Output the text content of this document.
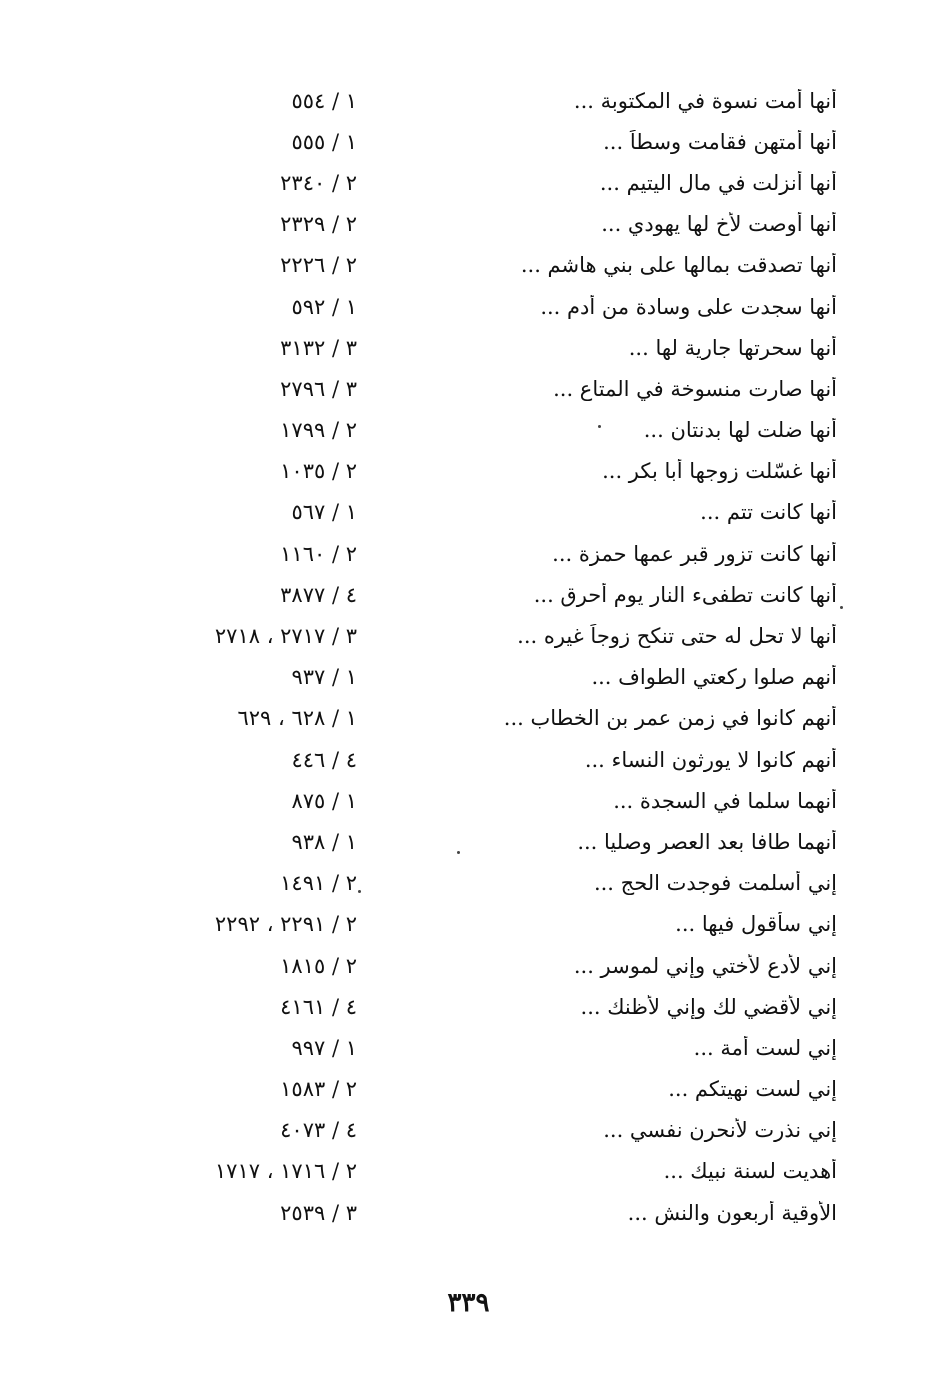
أنها أمت نسوة في المكتوبة ...
١ / ٥٥٤
أنها أمتهن فقامت وسطاً ...
١ / ٥٥٥
أنها أنزلت في مال اليتيم ...
٢ / ٢٣٤٠
أنها أوصت لأخ لها يهودي ...
٢ / ٢٣٢٩
أنها تصدقت بمالها على بني هاشم ...
٢ / ٢٢٢٦
أنها سجدت على وسادة من أدم ...
١ / ٥٩٢
أنها سحرتها جارية لها ...
٣ / ٣١٣٢
أنها صارت منسوخة في المتاع ...
٣ / ٢٧٩٦
أنها ضلت لها بدنتان ...
٢ / ١٧٩٩
أنها غسّلت زوجها أبا بكر ...
٢ / ١٠٣٥
أنها كانت تتم ...
١ / ٥٦٧
أنها كانت تزور قبر عمها حمزة ...
٢ / ١١٦٠
أنها كانت تطفىء النار يوم أحرق ...
٤ / ٣٨٧٧
أنها لا تحل له حتى تنكح زوجاً غيره ...
٣ / ٢٧١٧ ، ٢٧١٨
أنهم صلوا ركعتي الطواف ...
١ / ٩٣٧
أنهم كانوا في زمن عمر بن الخطاب ...
١ / ٦٢٨ ، ٦٢٩
أنهم كانوا لا يورثون النساء ...
٤ / ٤٤٦
أنهما سلما في السجدة ...
١ / ٨٧٥
أنهما طافا بعد العصر وصليا ...
١ / ٩٣٨
إني أسلمت فوجدت الحج ...
٢ / ١٤٩١
إني سأقول فيها ...
٢ / ٢٢٩١ ، ٢٢٩٢
إني لأدع لأختي وإني لموسر ...
٢ / ١٨١٥
إني لأقضي لك وإني لأظنك ...
٤ / ٤١٦١
إني لست أمة ...
١ / ٩٩٧
إني لست نهيتكم ...
٢ / ١٥٨٣
إني نذرت لأنحرن نفسي ...
٤ / ٤٠٧٣
أهديت لسنة نبيك ...
٢ / ١٧١٦ ، ١٧١٧
الأوقية أربعون والنش ...
٣ / ٢٥٣٩
٣٣٩
